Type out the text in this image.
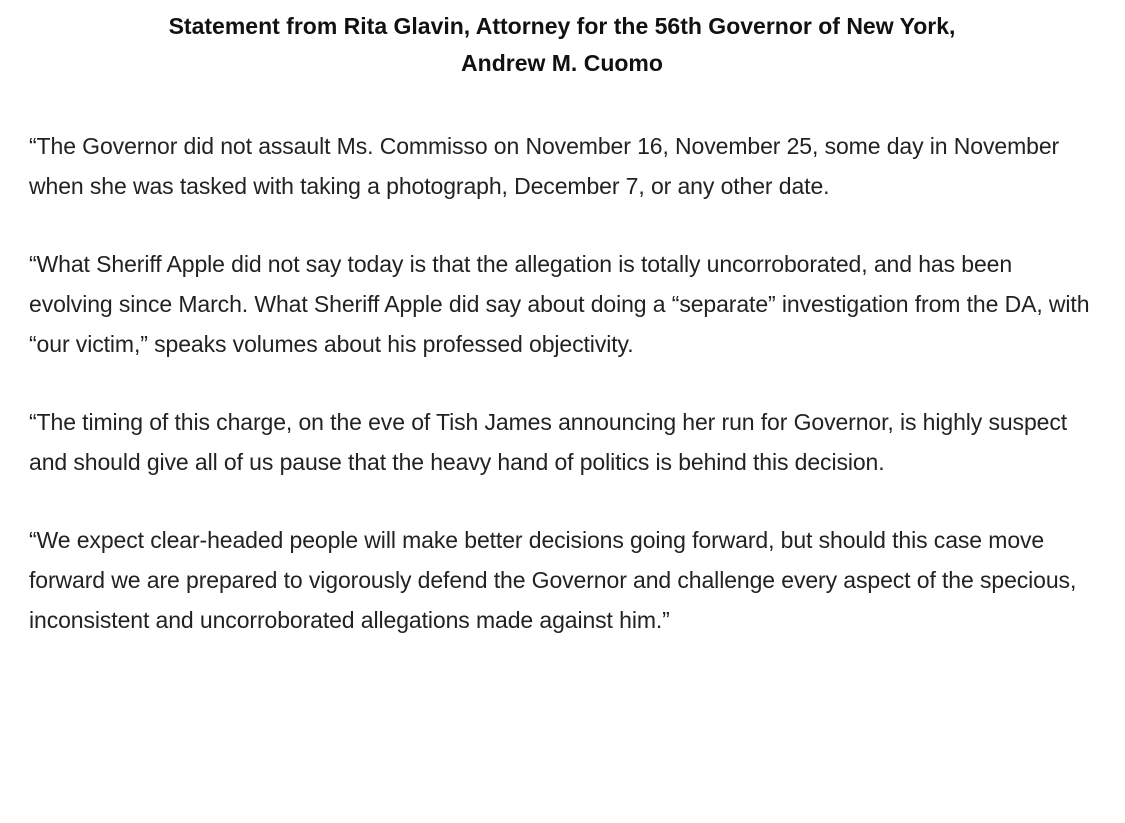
Statement from Rita Glavin, Attorney for the 56th Governor of New York,
Andrew M. Cuomo

“The Governor did not assault Ms. Commisso on November 16, November 25, some day in November when she was tasked with taking a photograph, December 7, or any other date.

“What Sheriff Apple did not say today is that the allegation is totally uncorroborated, and has been evolving since March. What Sheriff Apple did say about doing a “separate” investigation from the DA, with “our victim,” speaks volumes about his professed objectivity.

“The timing of this charge, on the eve of Tish James announcing her run for Governor, is highly suspect and should give all of us pause that the heavy hand of politics is behind this decision.

“We expect clear-headed people will make better decisions going forward, but should this case move forward we are prepared to vigorously defend the Governor and challenge every aspect of the specious, inconsistent and uncorroborated allegations made against him.”
